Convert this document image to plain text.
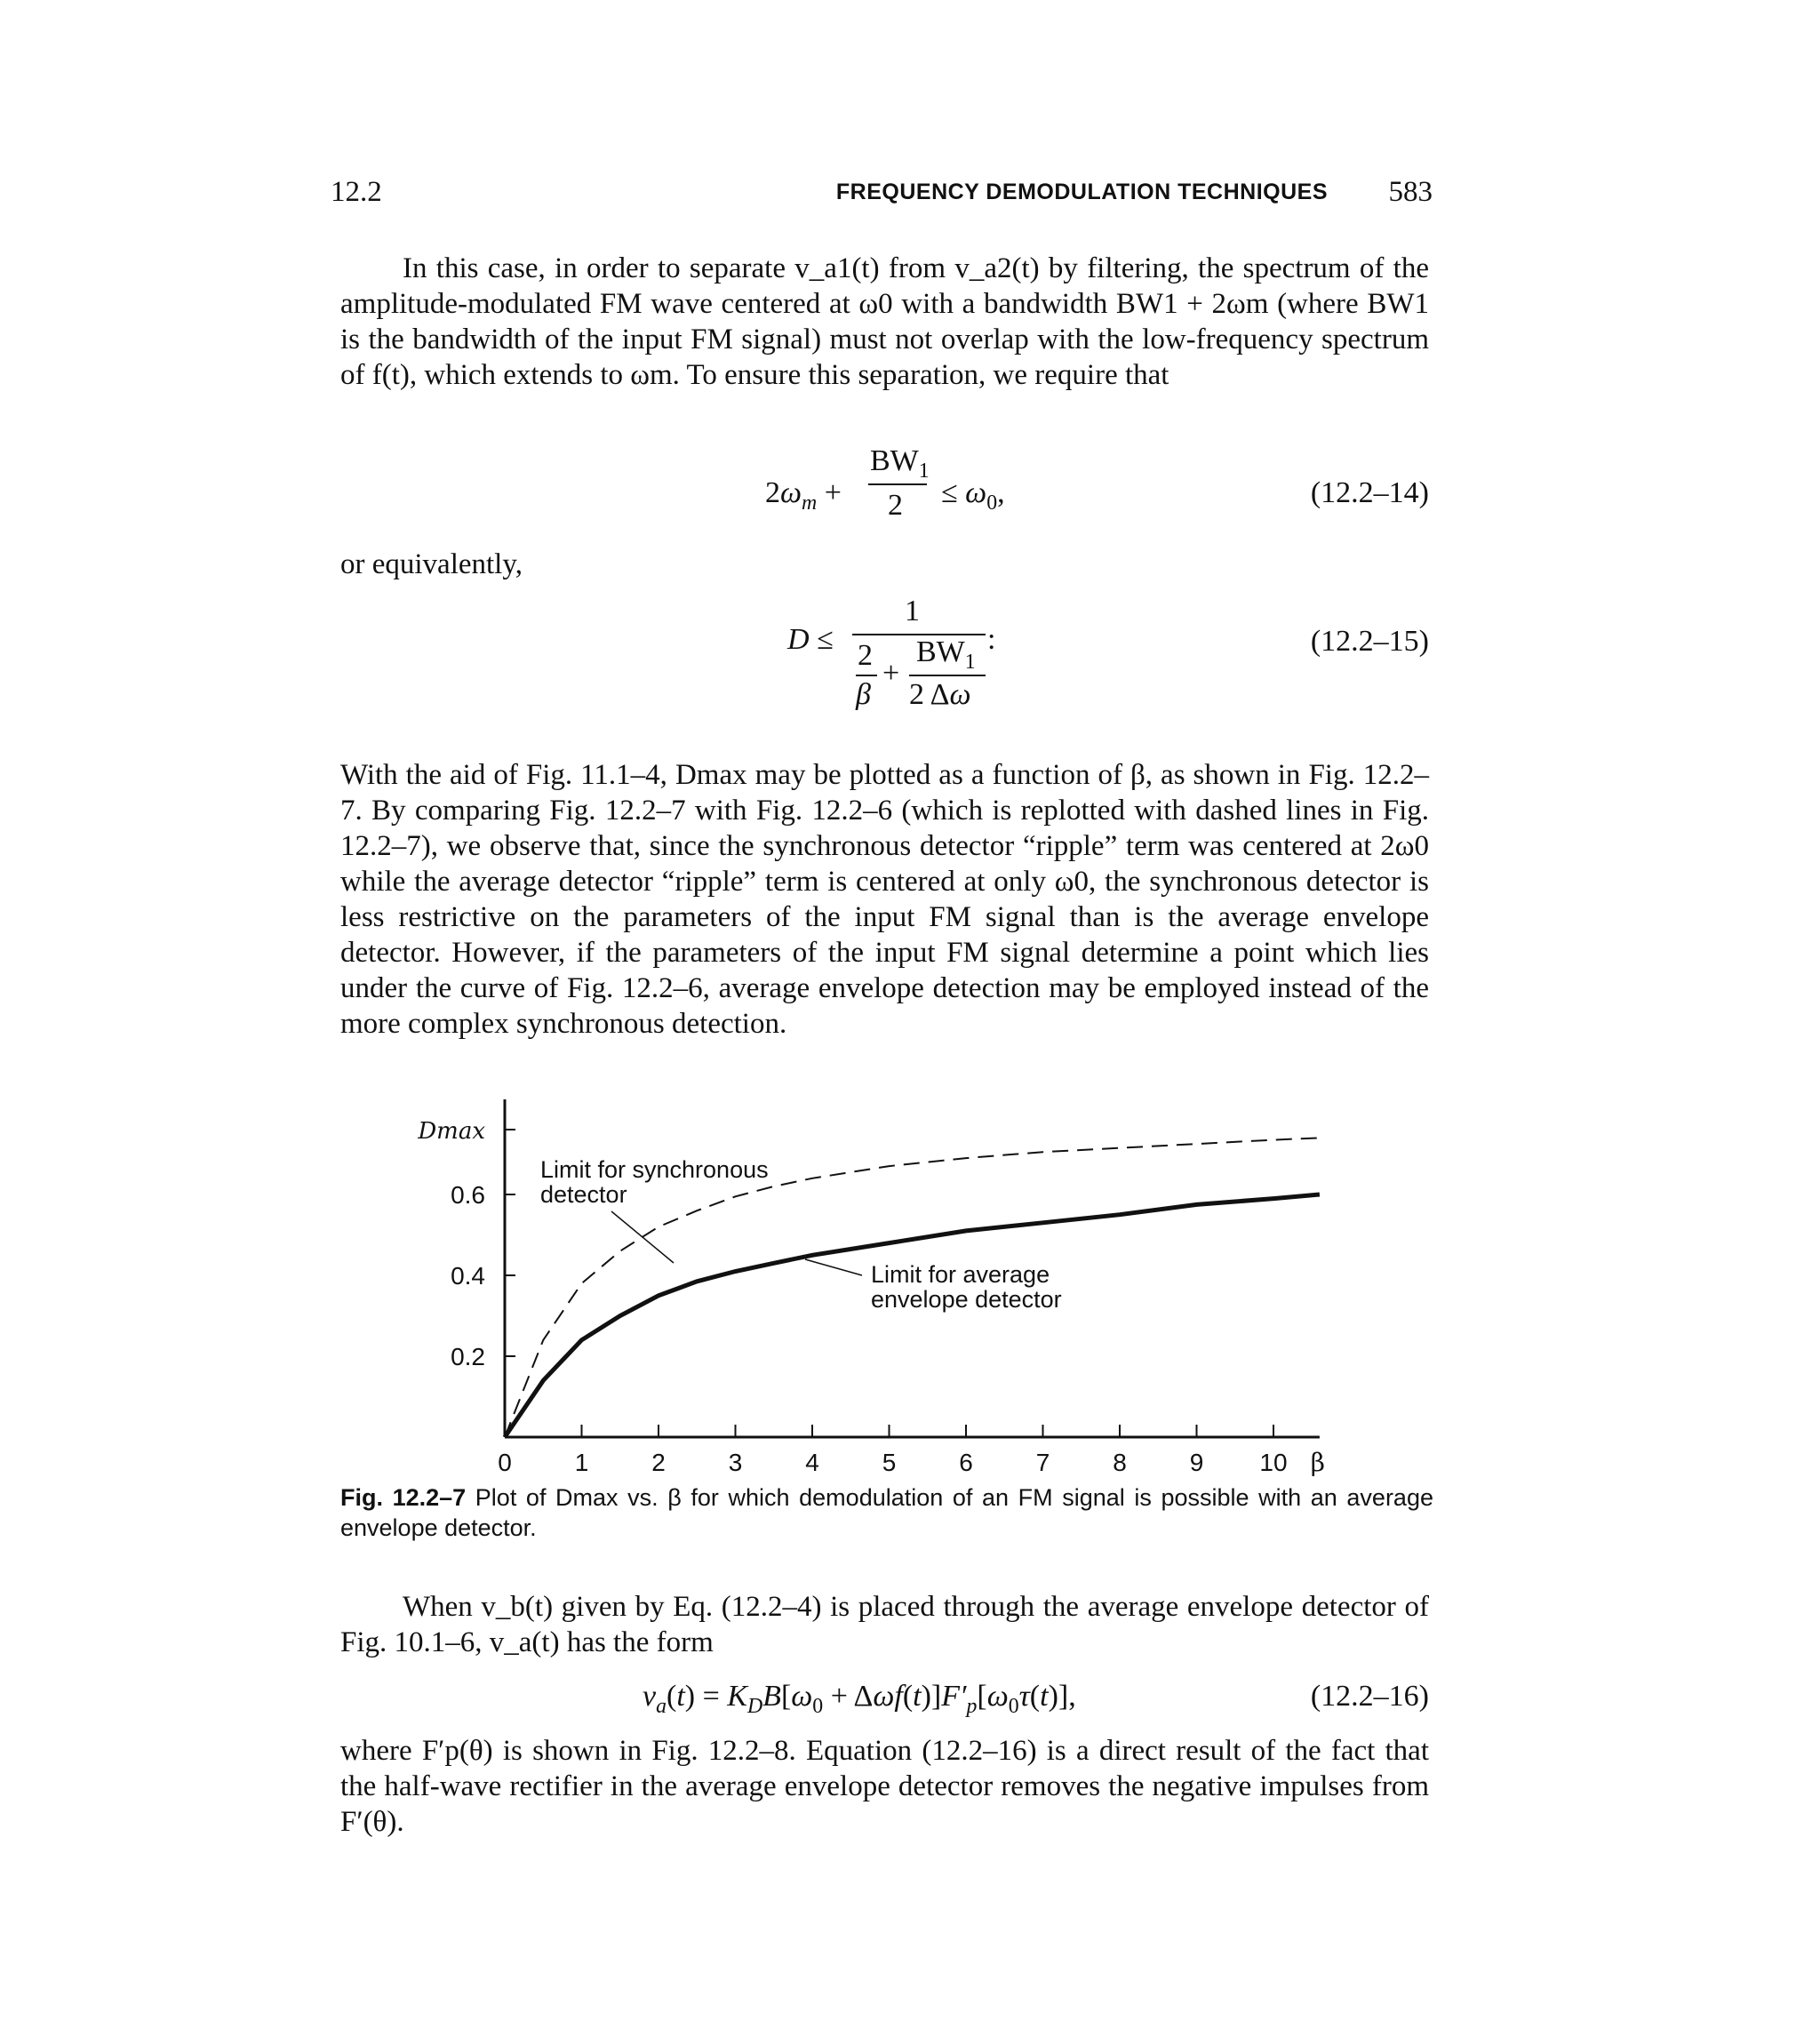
12.2	FREQUENCY DEMODULATION TECHNIQUES 583
In this case, in order to separate v_a1(t) from v_a2(t) by filtering, the spectrum of the amplitude-modulated FM wave centered at ω0 with a bandwidth BW1 + 2ωm (where BW1 is the bandwidth of the input FM signal) must not overlap with the low-frequency spectrum of f(t), which extends to ωm. To ensure this separation, we require that
$2\omega_m$ +
$BW_1$
$2 \le \omega_0$,	(12.2–14)
or equivalently,
D ≤
1
:
2
β
+
$BW_1$
2 Δω
(12.2–15)
With the aid of Fig. 11.1–4, Dmax may be plotted as a function of β, as shown in Fig. 12.2–7. By comparing Fig. 12.2–7 with Fig. 12.2–6 (which is replotted with dashed lines in Fig. 12.2–7), we observe that, since the synchronous detector “ripple” term was centered at 2ω0 while the average detector “ripple” term is centered at only ω0, the synchronous detector is less restrictive on the parameters of the input FM signal than is the average envelope detector. However, if the parameters of the input FM signal determine a point which lies under the curve of Fig. 12.2–6, average envelope detection may be employed instead of the more complex synchronous detection.
0	1	2	3	4	5	6	7	8	9 10 β
0.2
0.4
0.6
Dmax
Limit for synchronous detector
Limit for average envelope detector
Fig. 12.2–7 Plot of Dmax vs. β for which demodulation of an FM signal is possible with an average envelope detector.
When v_b(t) given by Eq. (12.2–4) is placed through the average envelope detector of Fig. 10.1–6, v_a(t) has the form
$v_a(t) = K_DB[\omega_0 + \Delta\omega f(t)]F'_p[\omega_0\tau(t)]$,	(12.2–16)
where F′p(θ) is shown in Fig. 12.2–8. Equation (12.2–16) is a direct result of the fact that the half-wave rectifier in the average envelope detector removes the negative impulses from F′(θ).
